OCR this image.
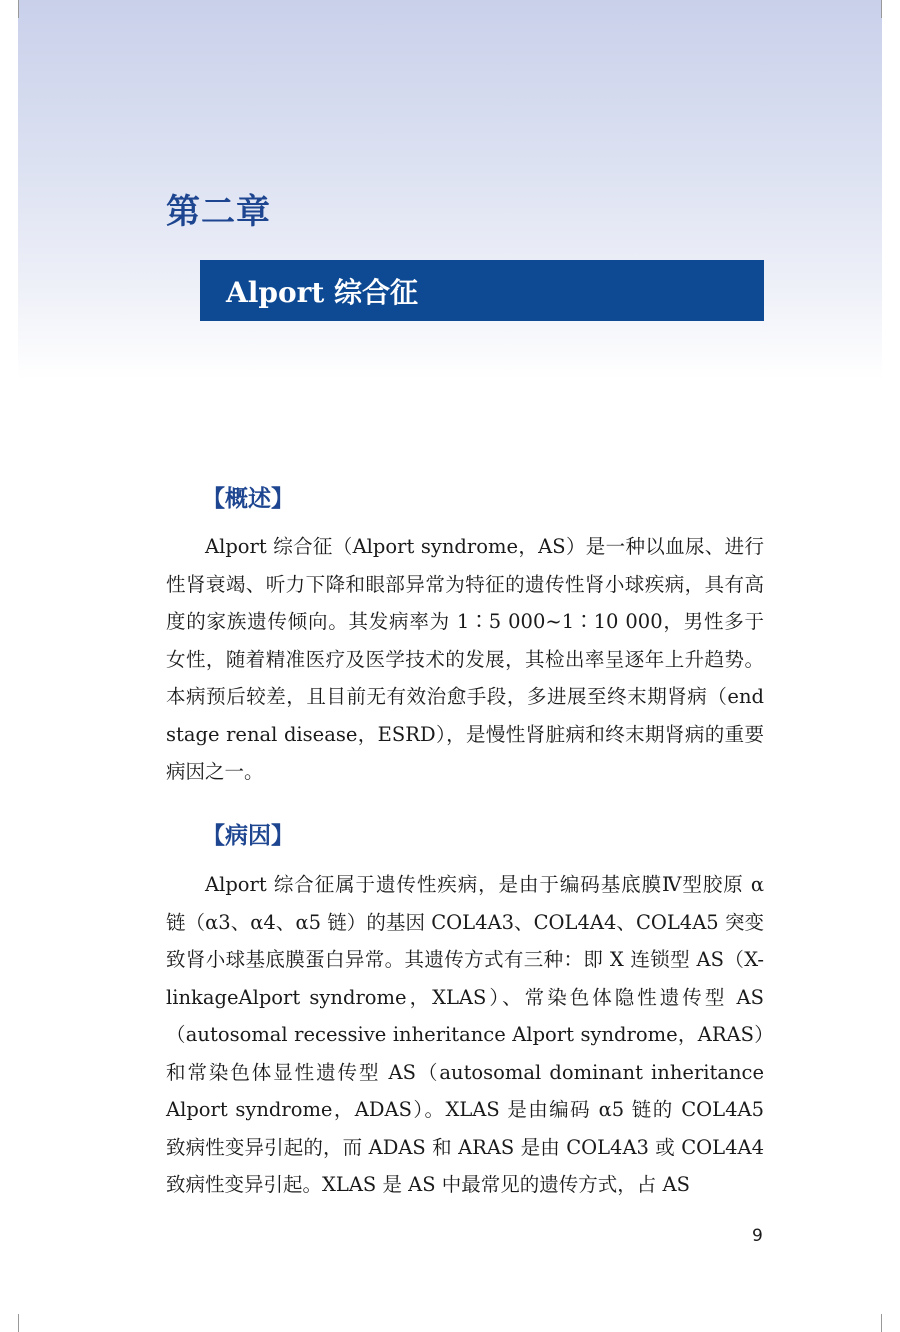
第二章
Alport 综合征
【概述】

Alport 综合征（Alport syndrome，AS）是一种以血尿、进行性肾衰竭、听力下降和眼部异常为特征的遗传性肾小球疾病，具有高度的家族遗传倾向。其发病率为 1∶5 000~1∶10 000，男性多于女性，随着精准医疗及医学技术的发展，其检出率呈逐年上升趋势。本病预后较差，且目前无有效治愈手段，多进展至终末期肾病（end stage renal disease，ESRD），是慢性肾脏病和终末期肾病的重要病因之一。

【病因】

Alport 综合征属于遗传性疾病，是由于编码基底膜Ⅳ型胶原 α 链（α3、α4、α5 链）的基因 COL4A3、COL4A4、COL4A5 突变致肾小球基底膜蛋白异常。其遗传方式有三种：即 X 连锁型 AS（X-linkageAlport syndrome，XLAS）、常染色体隐性遗传型 AS（autosomal recessive inheritance Alport syndrome，ARAS）和常染色体显性遗传型 AS（autosomal dominant inheritance Alport syndrome，ADAS）。XLAS 是由编码 α5 链的 COL4A5 致病性变异引起的，而 ADAS 和 ARAS 是由 COL4A3 或 COL4A4 致病性变异引起。XLAS 是 AS 中最常见的遗传方式，占 AS

9
